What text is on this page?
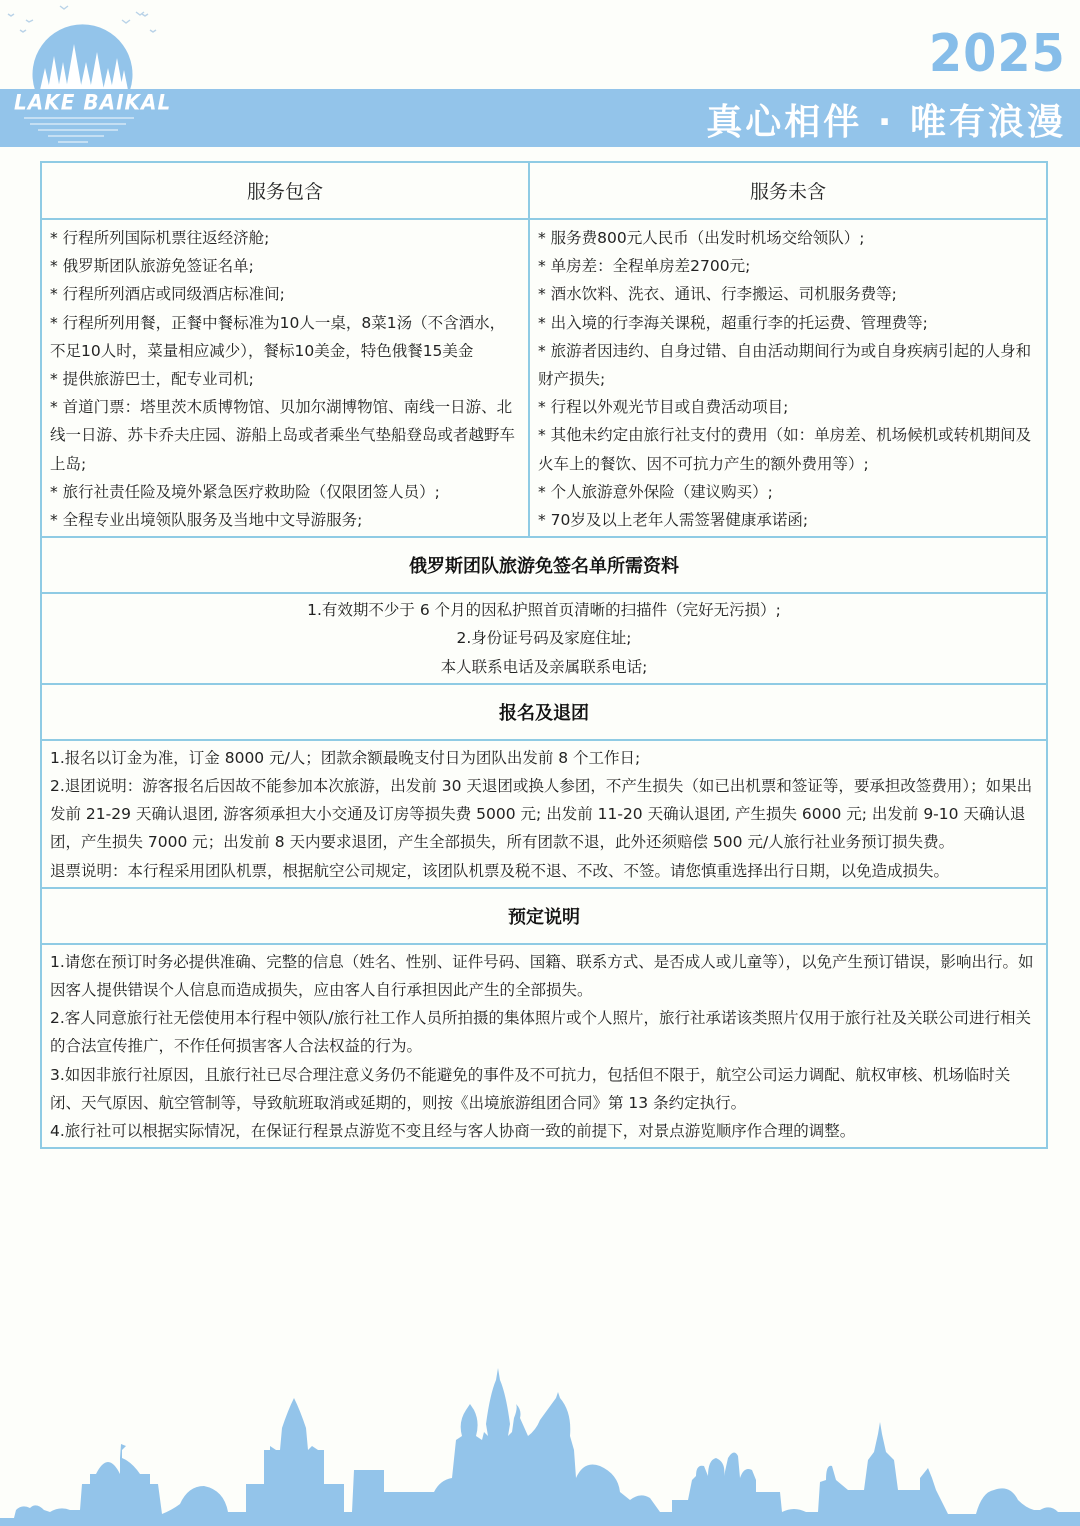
LAKE BAIKAL
2025
真心相伴 · 唯有浪漫
服务包含	服务未含
* 行程所列国际机票往返经济舱;
* 俄罗斯团队旅游免签证名单;
* 行程所列酒店或同级酒店标准间;
* 行程所列用餐，正餐中餐标准为10人一桌，8菜1汤（不含酒水，不足10人时，菜量相应减少），餐标10美金，特色俄餐15美金
* 提供旅游巴士，配专业司机;
* 首道门票：塔里茨木质博物馆、贝加尔湖博物馆、南线一日游、北线一日游、苏卡乔夫庄园、游船上岛或者乘坐气垫船登岛或者越野车上岛;
* 旅行社责任险及境外紧急医疗救助险（仅限团签人员）;
* 全程专业出境领队服务及当地中文导游服务;
* 服务费800元人民币（出发时机场交给领队）;
* 单房差：全程单房差2700元;
* 酒水饮料、洗衣、通讯、行李搬运、司机服务费等;
* 出入境的行李海关课税，超重行李的托运费、管理费等;
* 旅游者因违约、自身过错、自由活动期间行为或自身疾病引起的人身和财产损失;
* 行程以外观光节目或自费活动项目;
* 其他未约定由旅行社支付的费用（如：单房差、机场候机或转机期间及火车上的餐饮、因不可抗力产生的额外费用等）;
* 个人旅游意外保险（建议购买）;
* 70岁及以上老年人需签署健康承诺函;
俄罗斯团队旅游免签名单所需资料
1.有效期不少于 6 个月的因私护照首页清晰的扫描件（完好无污损）;
2.身份证号码及家庭住址;
本人联系电话及亲属联系电话;
报名及退团
1.报名以订金为准，订金 8000 元/人；团款余额最晚支付日为团队出发前 8 个工作日;
2.退团说明：游客报名后因故不能参加本次旅游，出发前 30 天退团或换人参团，不产生损失（如已出机票和签证等，要承担改签费用）；如果出发前 21-29 天确认退团, 游客须承担大小交通及订房等损失费 5000 元; 出发前 11-20 天确认退团, 产生损失 6000 元; 出发前 9-10 天确认退团，产生损失 7000 元；出发前 8 天内要求退团，产生全部损失，所有团款不退，此外还须赔偿 500 元/人旅行社业务预订损失费。
退票说明：本行程采用团队机票，根据航空公司规定，该团队机票及税不退、不改、不签。请您慎重选择出行日期，以免造成损失。
预定说明
1.请您在预订时务必提供准确、完整的信息（姓名、性别、证件号码、国籍、联系方式、是否成人或儿童等），以免产生预订错误，影响出行。如因客人提供错误个人信息而造成损失，应由客人自行承担因此产生的全部损失。
2.客人同意旅行社无偿使用本行程中领队/旅行社工作人员所拍摄的集体照片或个人照片，旅行社承诺该类照片仅用于旅行社及关联公司进行相关的合法宣传推广，不作任何损害客人合法权益的行为。
3.如因非旅行社原因，且旅行社已尽合理注意义务仍不能避免的事件及不可抗力，包括但不限于，航空公司运力调配、航权审核、机场临时关闭、天气原因、航空管制等，导致航班取消或延期的，则按《出境旅游组团合同》第 13 条约定执行。
4.旅行社可以根据实际情况，在保证行程景点游览不变且经与客人协商一致的前提下，对景点游览顺序作合理的调整。
